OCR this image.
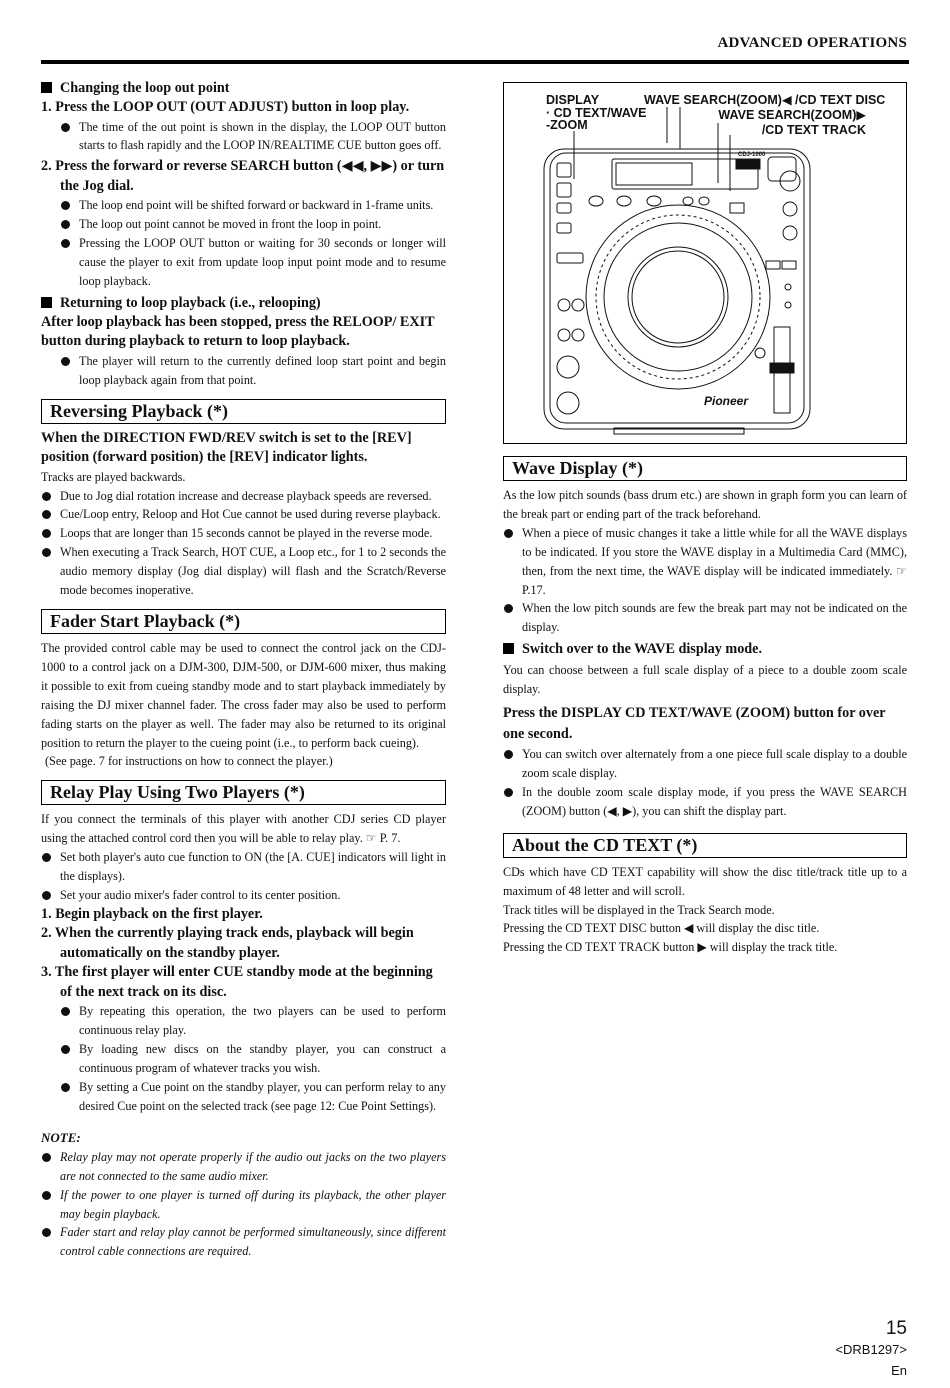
ADVANCED OPERATIONS

Changing the loop out point

1. Press the LOOP OUT (OUT ADJUST) button in loop play.

The time of the out point is shown in the display, the LOOP OUT button starts to flash rapidly and the LOOP IN/REALTIME CUE button goes off.

2. Press the forward or reverse SEARCH button (◀◀, ▶▶) or turn the Jog dial.

The loop end point will be shifted forward or backward in 1-frame units.

The loop out point cannot be moved in front the loop in point.

Pressing the LOOP OUT button or waiting for 30 seconds or longer will cause the player to exit from update loop input point mode and to resume loop playback.

Returning to loop playback (i.e., relooping)

After loop playback has been stopped, press the RELOOP/ EXIT button during playback to return to loop playback.

The player will return to the currently defined loop start point and begin loop playback again from that point.

Reversing Playback (*)

When the DIRECTION FWD/REV switch is set to the [REV] position (forward position) the [REV] indicator lights.

Tracks are played backwards.

Due to Jog dial rotation increase and decrease playback speeds are reversed.

Cue/Loop entry, Reloop and Hot Cue cannot be used during reverse playback.

Loops that are longer than 15 seconds cannot be played in the reverse mode.

When executing a Track Search, HOT CUE, a Loop etc., for 1 to 2 seconds the audio memory display (Jog dial display) will flash and the Scratch/Reverse mode becomes inoperative.

Fader Start Playback (*)

The provided control cable may be used to connect the control jack on the CDJ-1000 to a control jack on a DJM-300, DJM-500, or DJM-600 mixer, thus making it possible to exit from cueing standby mode and to start playback immediately by raising the DJ mixer channel fader. The cross fader may also be used to perform fading starts on the player as well. The fader may also be returned to its original position to return the player to the cueing point (i.e., to perform back cueing).

(See page. 7 for instructions on how to connect the player.)

Relay Play Using Two Players (*)

If you connect the terminals of this player with another CDJ series CD player using the attached control cord then you will be able to relay play. ☞ P. 7.

Set both player's auto cue function to ON (the [A. CUE] indicators will light in the displays).

Set your audio mixer's fader control to its center position.

1. Begin playback on the first player.

2. When the currently playing track ends, playback will begin automatically on the standby player.

3. The first player will enter CUE standby mode at the beginning of the next track on its disc.

By repeating this operation, the two players can be used to perform continuous relay play.

By loading new discs on the standby player, you can construct a continuous program of whatever tracks you wish.

By setting a Cue point on the standby player, you can perform relay to any desired Cue point on the selected track (see page 12: Cue Point Settings).

NOTE:

Relay play may not operate properly if the audio out jacks on the two players are not connected to the same audio mixer.

If the power to one player is turned off during its playback, the other player may begin playback.

Fader start and relay play cannot be performed simultaneously, since different control cable connections are required.

DISPLAY
· CD TEXT/WAVE
-ZOOM
WAVE SEARCH(ZOOM)◀ /CD TEXT DISC
WAVE SEARCH(ZOOM)▶
/CD TEXT TRACK
Pioneer
CDJ-1000
Wave Display (*)

As the low pitch sounds (bass drum etc.) are shown in graph form you can learn of the break part or ending part of the track beforehand.

When a piece of music changes it take a little while for all the WAVE displays to be indicated. If you store the WAVE display in a Multimedia Card (MMC), then, from the next time, the WAVE display will be indicated immediately. ☞ P.17.

When the low pitch sounds are few the break part may not be indicated on the display.

Switch over to the WAVE display mode.

You can choose between a full scale display of a piece to a double zoom scale display.

Press the DISPLAY CD TEXT/WAVE (ZOOM) button for over one second.

You can switch over alternately from a one piece full scale display to a double zoom scale display.

In the double zoom scale display mode, if you press the WAVE SEARCH (ZOOM) button (◀, ▶), you can shift the display part.

About the CD TEXT (*)

CDs which have CD TEXT capability will show the disc title/track title up to a maximum of 48 letter and will scroll.

Track titles will be displayed in the Track Search mode.

Pressing the CD TEXT DISC button ◀ will display the disc title.

Pressing the CD TEXT TRACK button ▶ will display the track title.

15
<DRB1297>
En
